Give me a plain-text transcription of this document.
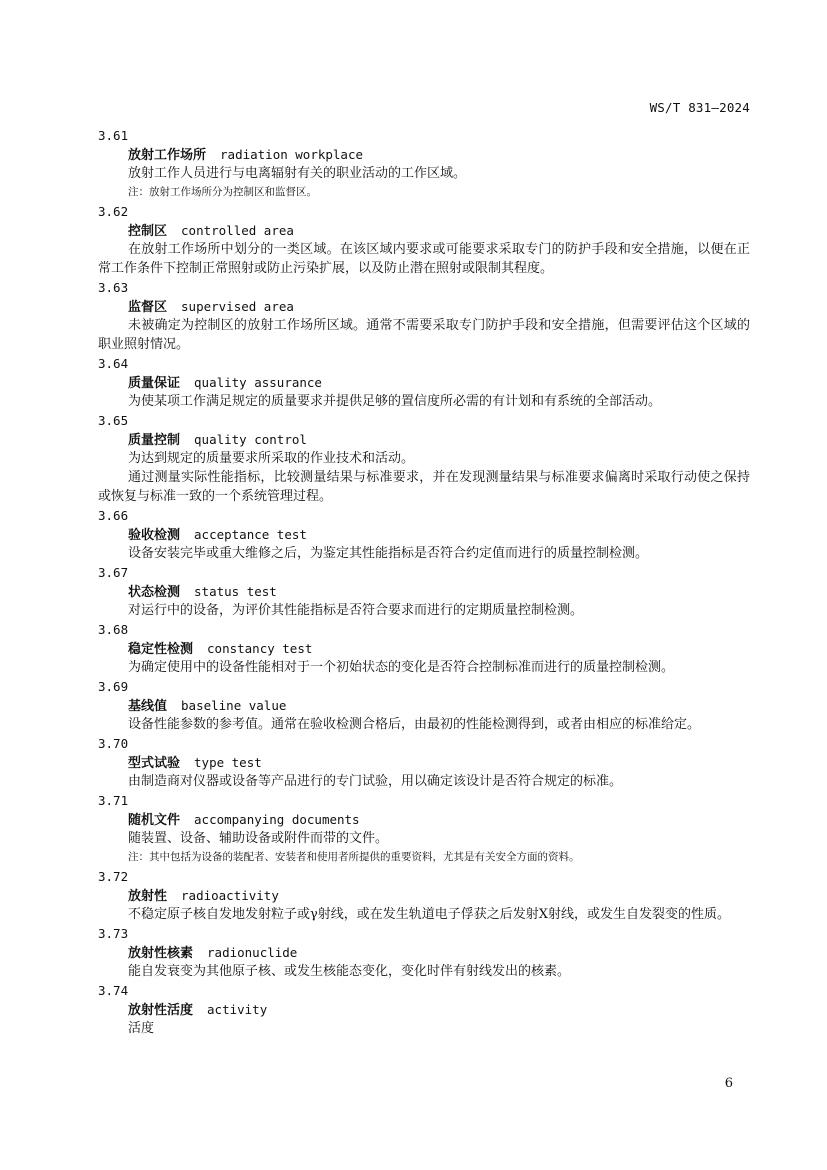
WS/T 831—2024
3.61
放射工作场所 radiation workplace
放射工作人员进行与电离辐射有关的职业活动的工作区域。
注：放射工作场所分为控制区和监督区。
3.62
控制区 controlled area
在放射工作场所中划分的一类区域。在该区域内要求或可能要求采取专门的防护手段和安全措施，以便在正常工作条件下控制正常照射或防止污染扩展，以及防止潜在照射或限制其程度。
3.63
监督区 supervised area
未被确定为控制区的放射工作场所区域。通常不需要采取专门防护手段和安全措施，但需要评估这个区域的职业照射情况。
3.64
质量保证 quality assurance
为使某项工作满足规定的质量要求并提供足够的置信度所必需的有计划和有系统的全部活动。
3.65
质量控制 quality control
为达到规定的质量要求所采取的作业技术和活动。
通过测量实际性能指标，比较测量结果与标准要求，并在发现测量结果与标准要求偏离时采取行动使之保持或恢复与标准一致的一个系统管理过程。
3.66
验收检测 acceptance test
设备安装完毕或重大维修之后，为鉴定其性能指标是否符合约定值而进行的质量控制检测。
3.67
状态检测 status test
对运行中的设备，为评价其性能指标是否符合要求而进行的定期质量控制检测。
3.68
稳定性检测 constancy test
为确定使用中的设备性能相对于一个初始状态的变化是否符合控制标准而进行的质量控制检测。
3.69
基线值 baseline value
设备性能参数的参考值。通常在验收检测合格后，由最初的性能检测得到，或者由相应的标准给定。
3.70
型式试验 type test
由制造商对仪器或设备等产品进行的专门试验，用以确定该设计是否符合规定的标准。
3.71
随机文件 accompanying documents
随装置、设备、辅助设备或附件而带的文件。
注：其中包括为设备的装配者、安装者和使用者所提供的重要资料，尤其是有关安全方面的资料。
3.72
放射性 radioactivity
不稳定原子核自发地发射粒子或γ射线，或在发生轨道电子俘获之后发射X射线，或发生自发裂变的性质。
3.73
放射性核素 radionuclide
能自发衰变为其他原子核、或发生核能态变化，变化时伴有射线发出的核素。
3.74
放射性活度 activity
活度
6
